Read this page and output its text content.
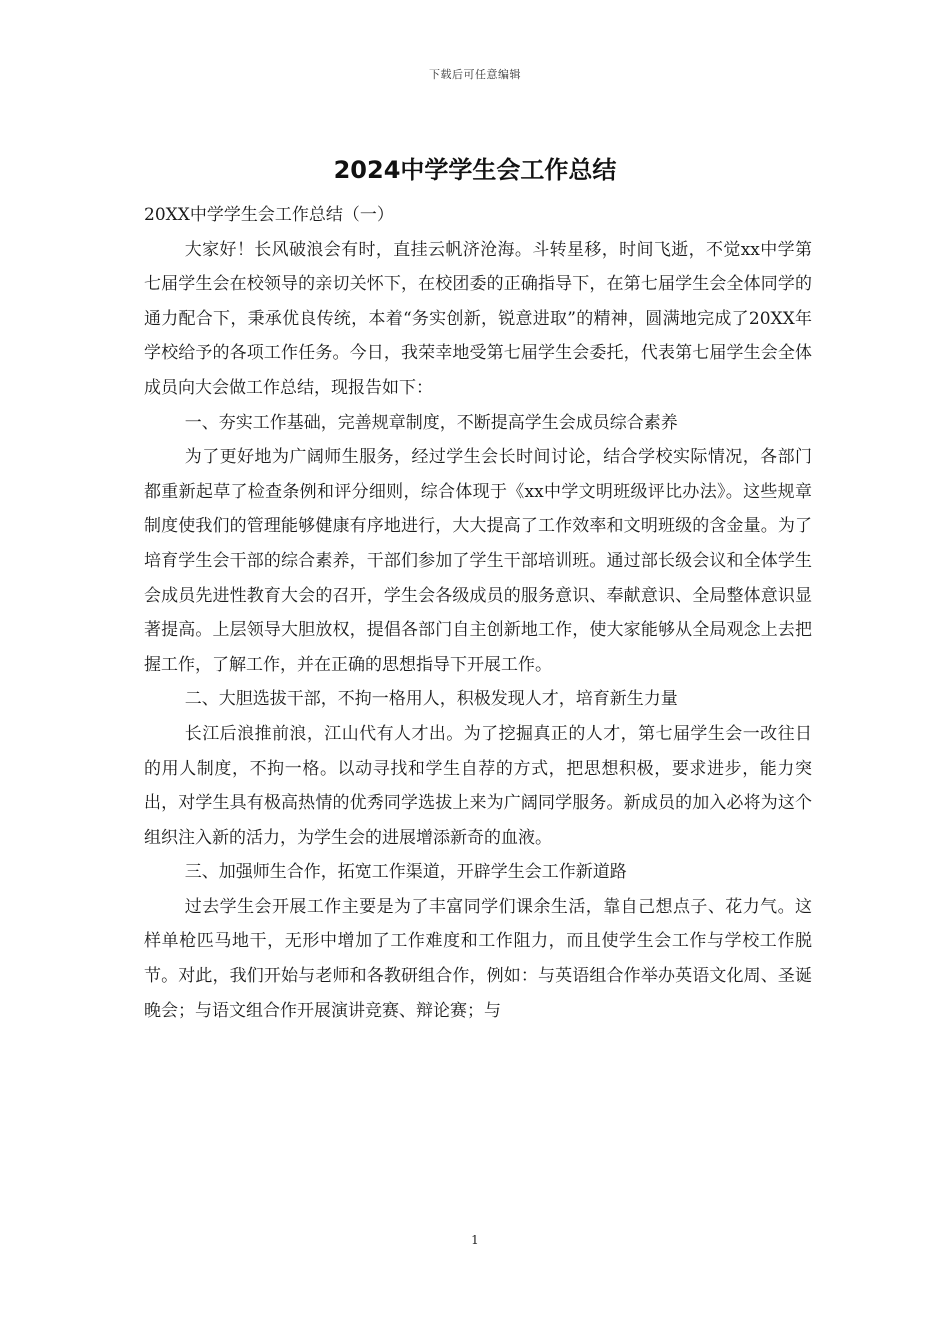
下载后可任意编辑
2024中学学生会工作总结

20XX中学学生会工作总结（一）

大家好！长风破浪会有时，直挂云帆济沧海。斗转星移，时间飞逝，不觉xx中学第七届学生会在校领导的亲切关怀下，在校团委的正确指导下，在第七届学生会全体同学的通力配合下，秉承优良传统，本着“务实创新，锐意进取”的精神，圆满地完成了20XX年学校给予的各项工作任务。今日，我荣幸地受第七届学生会委托，代表第七届学生会全体成员向大会做工作总结，现报告如下：

一、夯实工作基础，完善规章制度，不断提高学生会成员综合素养

为了更好地为广阔师生服务，经过学生会长时间讨论，结合学校实际情况，各部门都重新起草了检查条例和评分细则，综合体现于《xx中学文明班级评比办法》。这些规章制度使我们的管理能够健康有序地进行，大大提高了工作效率和文明班级的含金量。为了培育学生会干部的综合素养，干部们参加了学生干部培训班。通过部长级会议和全体学生会成员先进性教育大会的召开，学生会各级成员的服务意识、奉献意识、全局整体意识显著提高。上层领导大胆放权，提倡各部门自主创新地工作，使大家能够从全局观念上去把握工作，了解工作，并在正确的思想指导下开展工作。

二、大胆选拔干部，不拘一格用人，积极发现人才，培育新生力量

长江后浪推前浪，江山代有人才出。为了挖掘真正的人才，第七届学生会一改往日的用人制度，不拘一格。以动寻找和学生自荐的方式，把思想积极，要求进步，能力突出，对学生具有极高热情的优秀同学选拔上来为广阔同学服务。新成员的加入必将为这个组织注入新的活力，为学生会的进展增添新奇的血液。

三、加强师生合作，拓宽工作渠道，开辟学生会工作新道路

过去学生会开展工作主要是为了丰富同学们课余生活，靠自己想点子、花力气。这样单枪匹马地干，无形中增加了工作难度和工作阻力，而且使学生会工作与学校工作脱节。对此，我们开始与老师和各教研组合作，例如：与英语组合作举办英语文化周、圣诞晚会；与语文组合作开展演讲竞赛、辩论赛；与

1
